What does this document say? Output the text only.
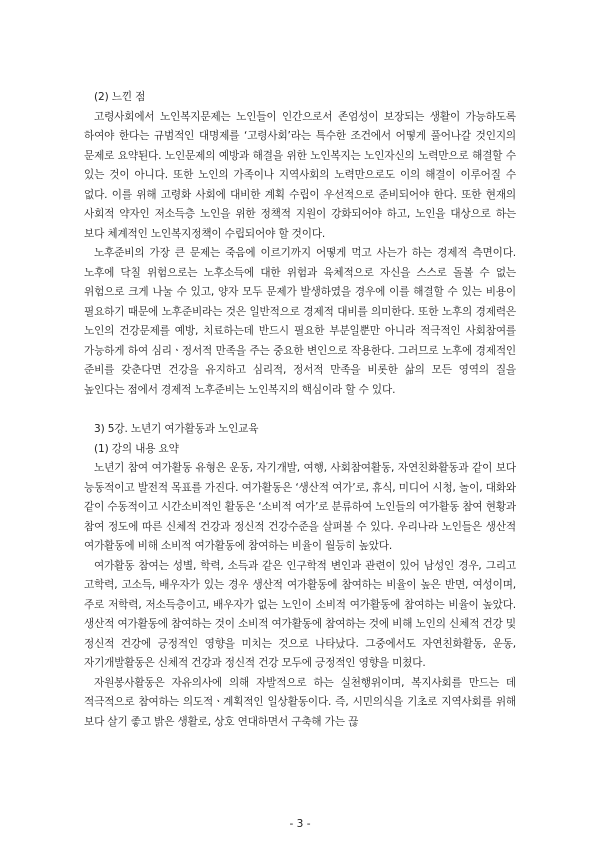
(2) 느낀 점

고령사회에서 노인복지문제는 노인들이 인간으로서 존엄성이 보장되는 생활이 가능하도록 하여야 한다는 규범적인 대명제를 ‘고령사회’라는 특수한 조건에서 어떻게 풀어나갈 것인지의 문제로 요약된다. 노인문제의 예방과 해결을 위한 노인복지는 노인자신의 노력만으로 해결할 수 있는 것이 아니다. 또한 노인의 가족이나 지역사회의 노력만으로도 이의 해결이 이루어질 수 없다. 이를 위해 고령화 사회에 대비한 계획 수립이 우선적으로 준비되어야 한다. 또한 현재의 사회적 약자인 저소득층 노인을 위한 정책적 지원이 강화되어야 하고, 노인을 대상으로 하는 보다 체계적인 노인복지정책이 수립되어야 할 것이다.

노후준비의 가장 큰 문제는 죽음에 이르기까지 어떻게 먹고 사는가 하는 경제적 측면이다. 노후에 닥칠 위험으로는 노후소득에 대한 위험과 육체적으로 자신을 스스로 돌볼 수 없는 위험으로 크게 나눌 수 있고, 양자 모두 문제가 발생하였을 경우에 이를 해결할 수 있는 비용이 필요하기 때문에 노후준비라는 것은 일반적으로 경제적 대비를 의미한다. 또한 노후의 경제력은 노인의 건강문제를 예방, 치료하는데 반드시 필요한 부분일뿐만 아니라 적극적인 사회참여를 가능하게 하여 심리ㆍ정서적 만족을 주는 중요한 변인으로 작용한다. 그러므로 노후에 경제적인 준비를 갖춘다면 건강을 유지하고 심리적, 정서적 만족을 비롯한 삶의 모든 영역의 질을 높인다는 점에서 경제적 노후준비는 노인복지의 핵심이라 할 수 있다.

3) 5강. 노년기 여가활동과 노인교육

(1) 강의 내용 요약

노년기 참여 여가활동 유형은 운동, 자기개발, 여행, 사회참여활동, 자연친화활동과 같이 보다 능동적이고 발전적 목표를 가진다. 여가활동은 ‘생산적 여가’로, 휴식, 미디어 시청, 놀이, 대화와 같이 수동적이고 시간소비적인 활동은 ‘소비적 여가’로 분류하여 노인들의 여가활동 참여 현황과 참여 정도에 따른 신체적 건강과 정신적 건강수준을 살펴볼 수 있다. 우리나라 노인들은 생산적 여가활동에 비해 소비적 여가활동에 참여하는 비율이 월등히 높았다.

여가활동 참여는 성별, 학력, 소득과 같은 인구학적 변인과 관련이 있어 남성인 경우, 그리고 고학력, 고소득, 배우자가 있는 경우 생산적 여가활동에 참여하는 비율이 높은 반면, 여성이며, 주로 저학력, 저소득층이고, 배우자가 없는 노인이 소비적 여가활동에 참여하는 비율이 높았다. 생산적 여가활동에 참여하는 것이 소비적 여가활동에 참여하는 것에 비해 노인의 신체적 건강 및 정신적 건강에 긍정적인 영향을 미치는 것으로 나타났다. 그중에서도 자연친화활동, 운동, 자기개발활동은 신체적 건강과 정신적 건강 모두에 긍정적인 영향을 미쳤다.

자원봉사활동은 자유의사에 의해 자발적으로 하는 실천행위이며, 복지사회를 만드는 데 적극적으로 참여하는 의도적ㆍ계획적인 일상활동이다. 즉, 시민의식을 기초로 지역사회를 위해 보다 살기 좋고 밝은 생활로, 상호 연대하면서 구축해 가는 끊

- 3 -
